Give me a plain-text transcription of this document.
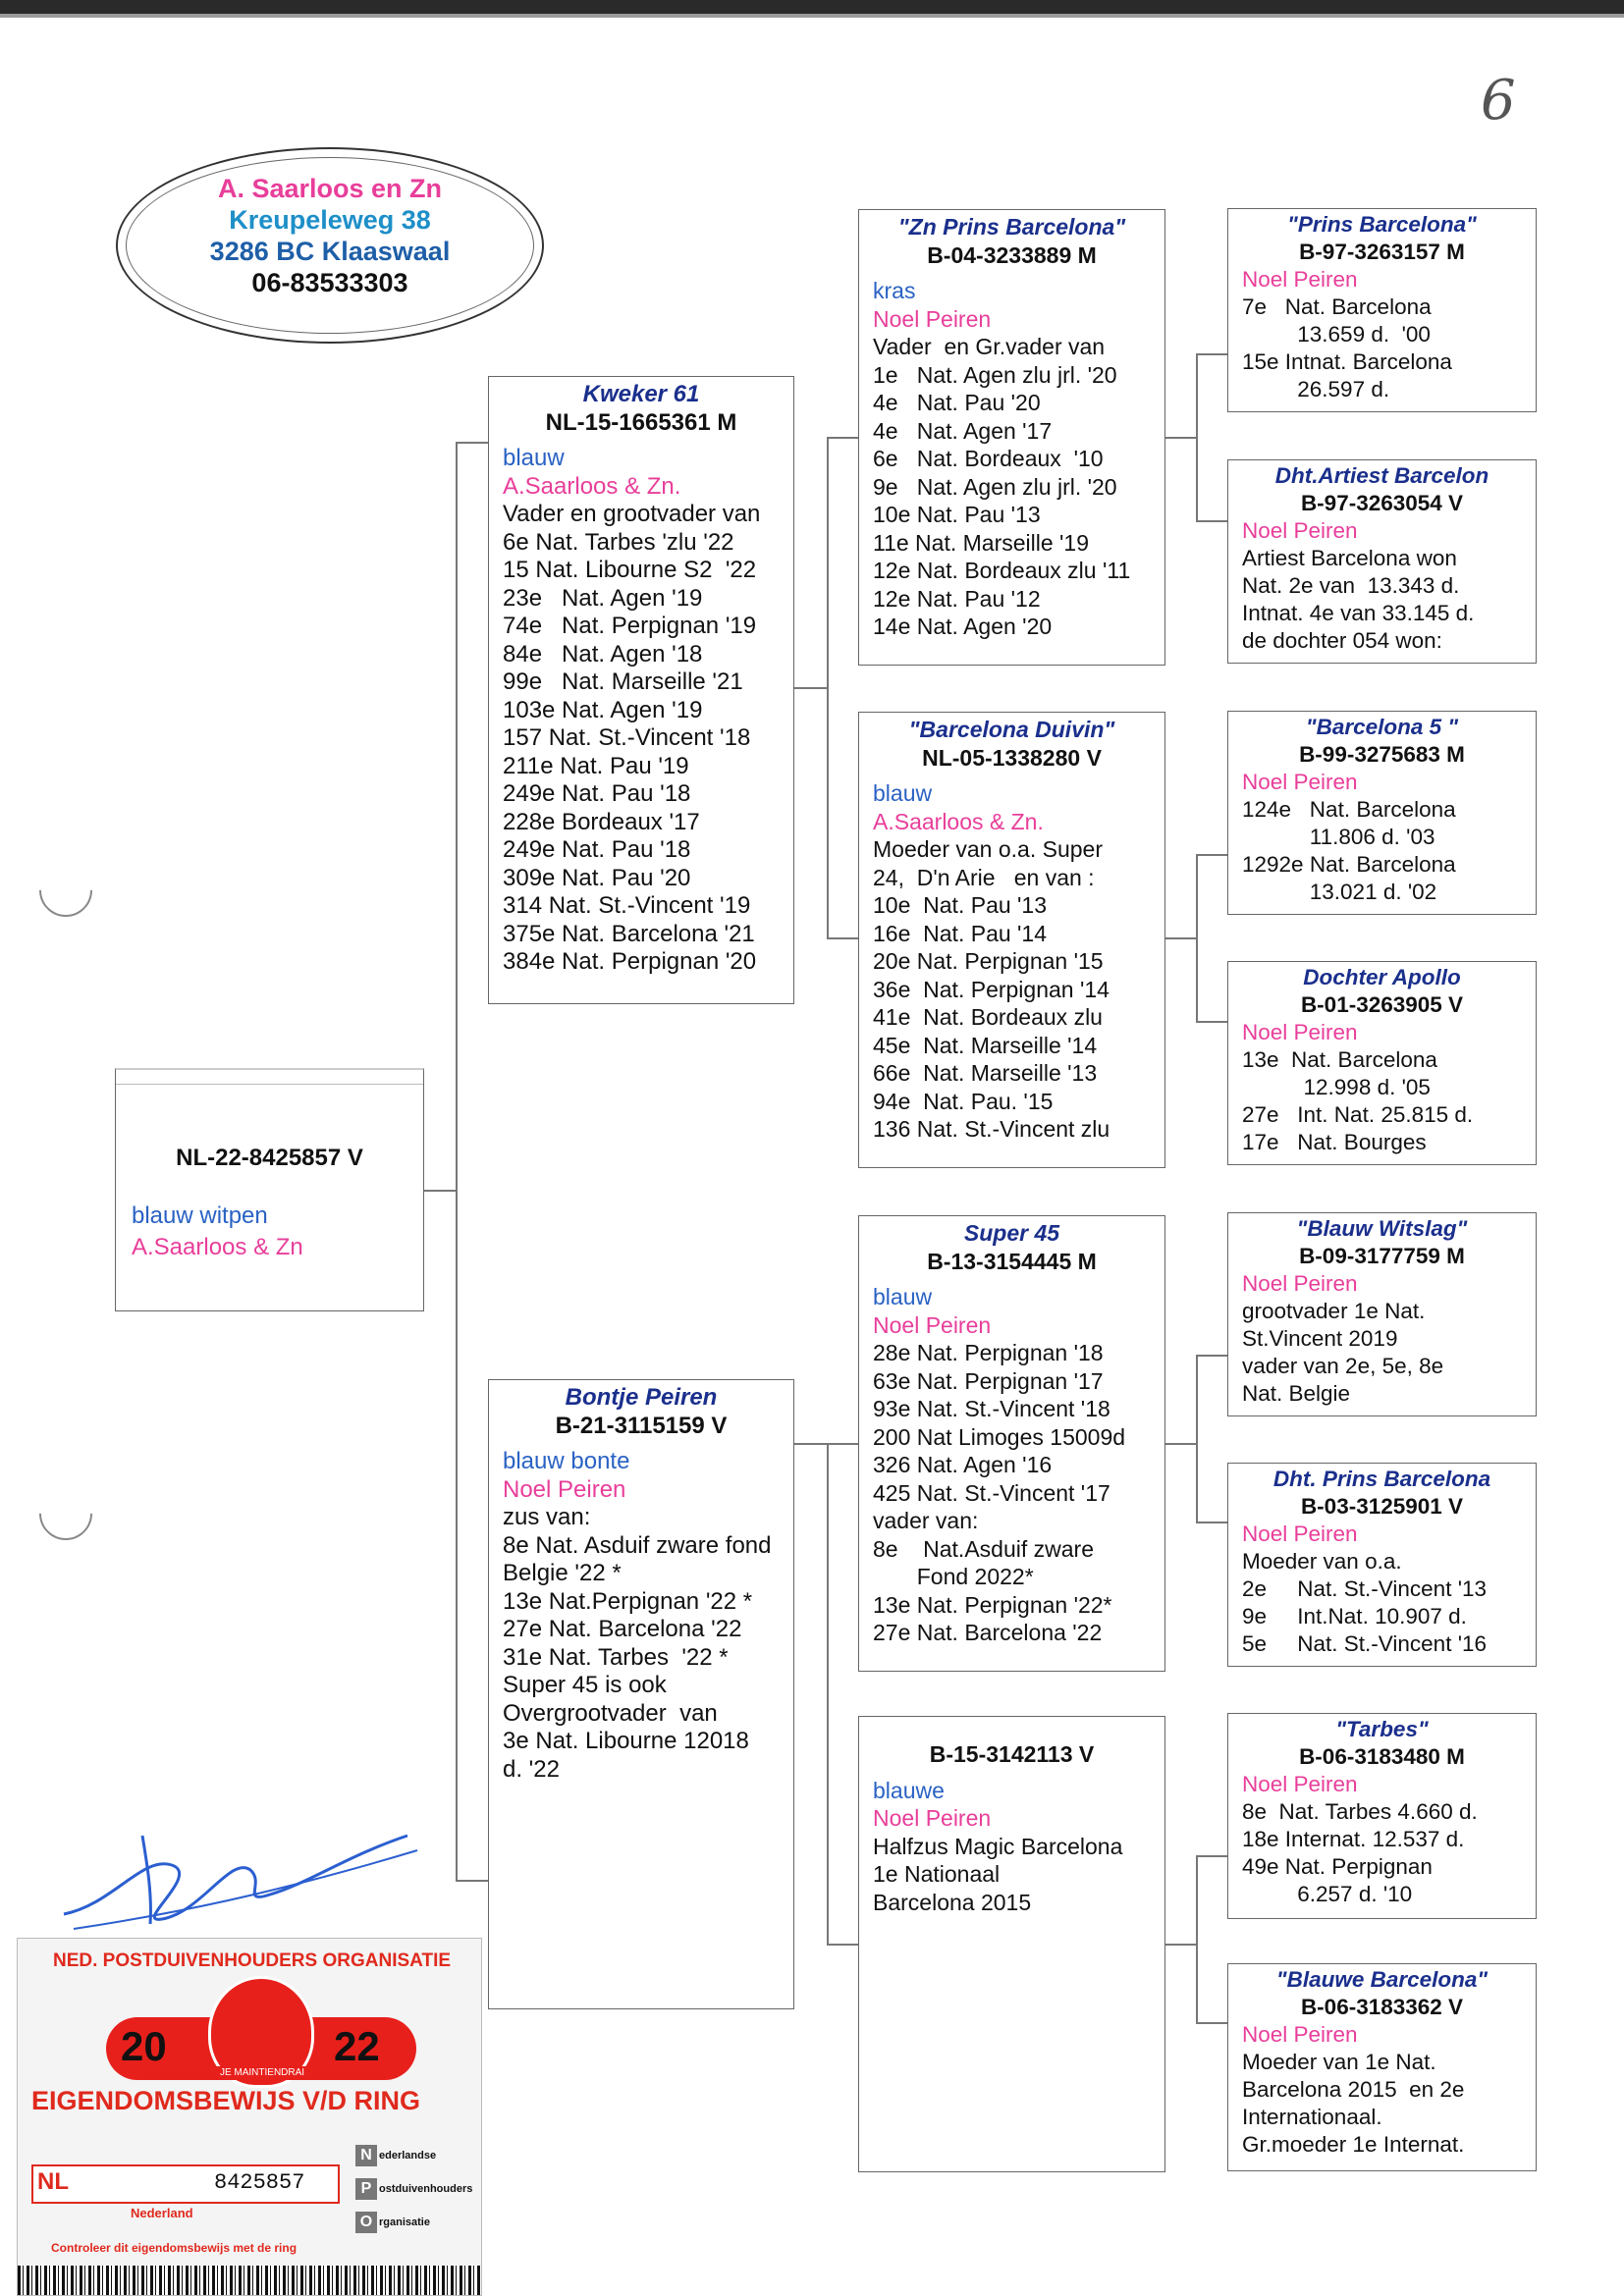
6
A. Saarloos en Zn
Kreupeleweg 38
3286 BC Klaaswaal
06-83533303
NL-22-8425857 V
blauw witpen
A.Saarloos & Zn
Kweker 61
NL-15-1665361 M
blauw
A.Saarloos & Zn.
Vader en grootvader van
6e Nat. Tarbes 'zlu '22
15 Nat. Libourne S2  '22
23e   Nat. Agen '19
74e   Nat. Perpignan '19
84e   Nat. Agen '18
99e   Nat. Marseille '21
103e Nat. Agen '19
157 Nat. St.-Vincent '18
211e Nat. Pau '19
249e Nat. Pau '18
228e Bordeaux '17
249e Nat. Pau '18
309e Nat. Pau '20
314 Nat. St.-Vincent '19
375e Nat. Barcelona '21
384e Nat. Perpignan '20
Bontje Peiren
B-21-3115159 V
blauw bonte
Noel Peiren
zus van:
8e Nat. Asduif zware fond
Belgie '22 *
13e Nat.Perpignan '22 *
27e Nat. Barcelona '22
31e Nat. Tarbes  '22 *
Super 45 is ook
Overgrootvader  van
3e Nat. Libourne 12018
d. '22
"Zn Prins Barcelona"
B-04-3233889 M
kras
Noel Peiren
Vader  en Gr.vader van
1e   Nat. Agen zlu jrl. '20
4e   Nat. Pau '20
4e   Nat. Agen '17
6e   Nat. Bordeaux  '10
9e   Nat. Agen zlu jrl. '20
10e Nat. Pau '13
11e Nat. Marseille '19
12e Nat. Bordeaux zlu '11
12e Nat. Pau '12
14e Nat. Agen '20
"Barcelona Duivin"
NL-05-1338280 V
blauw
A.Saarloos & Zn.
Moeder van o.a. Super
24,  D'n Arie   en van :
10e  Nat. Pau '13
16e  Nat. Pau '14
20e Nat. Perpignan '15
36e  Nat. Perpignan '14
41e  Nat. Bordeaux zlu
45e  Nat. Marseille '14
66e  Nat. Marseille '13
94e  Nat. Pau. '15
136 Nat. St.-Vincent zlu
Super 45
B-13-3154445 M
blauw
Noel Peiren
28e Nat. Perpignan '18
63e Nat. Perpignan '17
93e Nat. St.-Vincent '18
200 Nat Limoges 15009d
326 Nat. Agen '16
425 Nat. St.-Vincent '17
vader van:
8e    Nat.Asduif zware
Fond 2022*
13e Nat. Perpignan '22*
27e Nat. Barcelona '22
B-15-3142113 V
blauwe
Noel Peiren
Halfzus Magic Barcelona
1e Nationaal
Barcelona 2015
"Prins Barcelona"
B-97-3263157 M
Noel Peiren
7e   Nat. Barcelona
13.659 d.  '00
15e Intnat. Barcelona
26.597 d.
Dht.Artiest Barcelon
B-97-3263054 V
Noel Peiren
Artiest Barcelona won
Nat. 2e van  13.343 d.
Intnat. 4e van 33.145 d.
de dochter 054 won:
"Barcelona 5 "
B-99-3275683 M
Noel Peiren
124e   Nat. Barcelona
11.806 d. '03
1292e Nat. Barcelona
13.021 d. '02
Dochter Apollo
B-01-3263905 V
Noel Peiren
13e  Nat. Barcelona
12.998 d. '05
27e   Int. Nat. 25.815 d.
17e   Nat. Bourges
"Blauw Witslag"
B-09-3177759 M
Noel Peiren
grootvader 1e Nat.
St.Vincent 2019
vader van 2e, 5e, 8e
Nat. Belgie
Dht. Prins Barcelona
B-03-3125901 V
Noel Peiren
Moeder van o.a.
2e     Nat. St.-Vincent '13
9e     Int.Nat. 10.907 d.
5e     Nat. St.-Vincent '16
"Tarbes"
B-06-3183480 M
Noel Peiren
8e  Nat. Tarbes 4.660 d.
18e Internat. 12.537 d.
49e Nat. Perpignan
6.257 d. '10
"Blauwe Barcelona"
B-06-3183362 V
Noel Peiren
Moeder van 1e Nat.
Barcelona 2015  en 2e
Internationaal.
Gr.moeder 1e Internat.
NED. POSTDUIVENHOUDERS ORGANISATIE
JE MAINTIENDRAI
20	22
EIGENDOMSBEWIJS V/D RING
NL	8425857
Nederland
N ederlandse
P ostduivenhouders
O rganisatie
Controleer dit eigendomsbewijs met de ring
